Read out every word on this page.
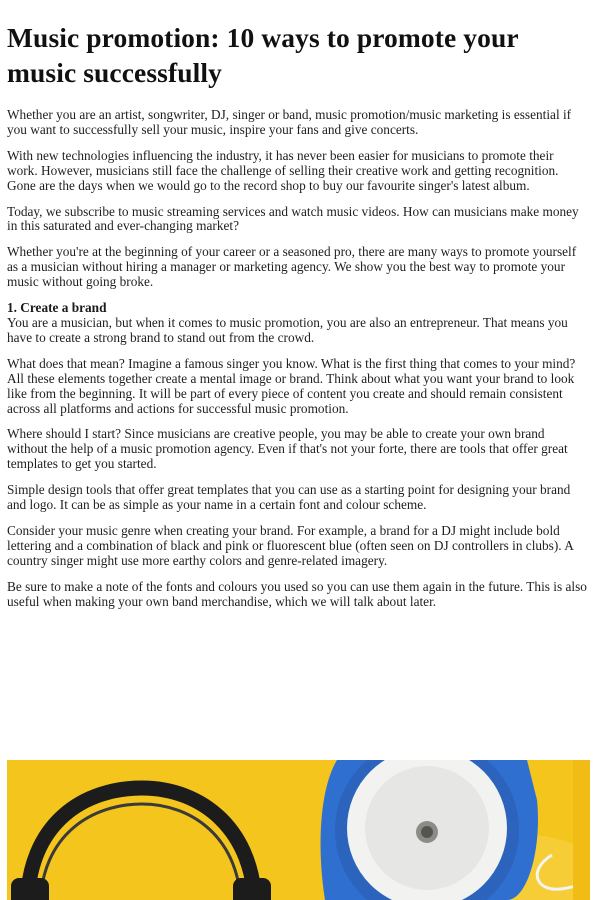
Music promotion: 10 ways to promote your music successfully

Whether you are an artist, songwriter, DJ, singer or band, music promotion/music marketing is essential if you want to successfully sell your music, inspire your fans and give concerts.

With new technologies influencing the industry, it has never been easier for musicians to promote their work. However, musicians still face the challenge of selling their creative work and getting recognition. Gone are the days when we would go to the record shop to buy our favourite singer's latest album.

Today, we subscribe to music streaming services and watch music videos. How can musicians make money in this saturated and ever-changing market?

Whether you're at the beginning of your career or a seasoned pro, there are many ways to promote yourself as a musician without hiring a manager or marketing agency. We show you the best way to promote your music without going broke.

1. Create a brand

You are a musician, but when it comes to music promotion, you are also an entrepreneur. That means you have to create a strong brand to stand out from the crowd.

What does that mean? Imagine a famous singer you know. What is the first thing that comes to your mind? All these elements together create a mental image or brand. Think about what you want your brand to look like from the beginning. It will be part of every piece of content you create and should remain consistent across all platforms and actions for successful music promotion.

Where should I start? Since musicians are creative people, you may be able to create your own brand without the help of a music promotion agency. Even if that's not your forte, there are tools that offer great templates to get you started.

Simple design tools that offer great templates that you can use as a starting point for designing your brand and logo. It can be as simple as your name in a certain font and colour scheme.

Consider your music genre when creating your brand. For example, a brand for a DJ might include bold lettering and a combination of black and pink or fluorescent blue (often seen on DJ controllers in clubs). A country singer might use more earthy colors and genre-related imagery.

Be sure to make a note of the fonts and colours you used so you can use them again in the future. This is also useful when making your own band merchandise, which we will talk about later.
